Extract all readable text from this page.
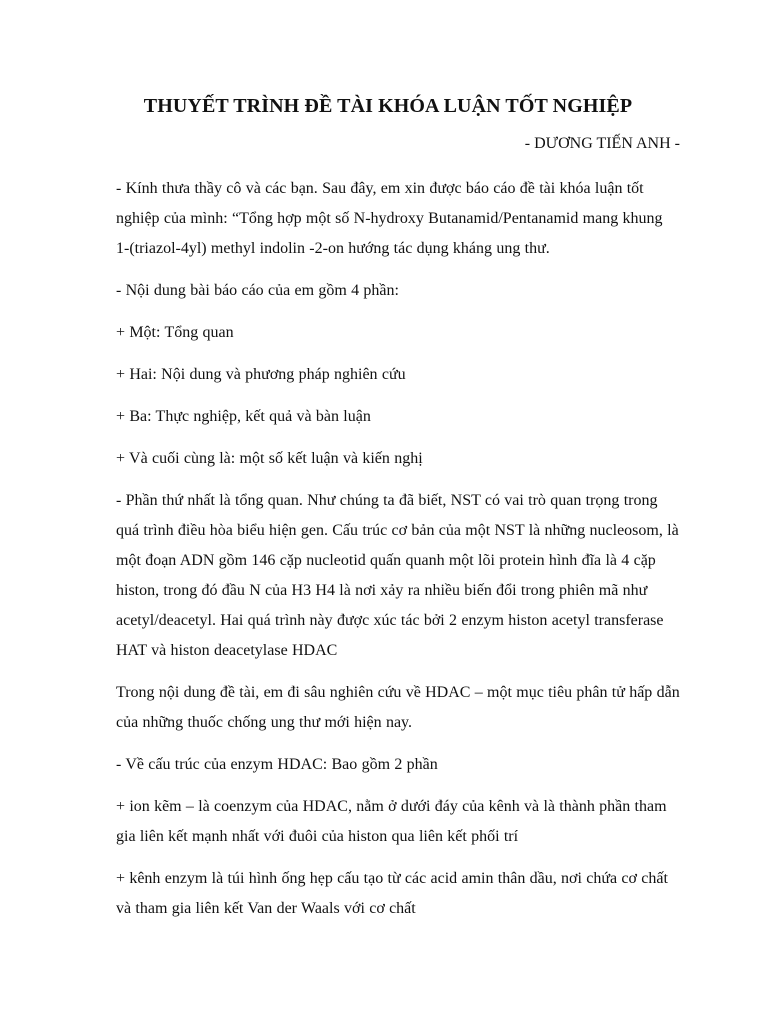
THUYẾT TRÌNH ĐỀ TÀI KHÓA LUẬN TỐT NGHIỆP

- DƯƠNG TIẾN ANH -

- Kính thưa thầy cô và các bạn. Sau đây, em xin được báo cáo đề tài khóa luận tốt nghiệp của mình: “Tổng hợp một số N-hydroxy Butanamid/Pentanamid mang khung 1-(triazol-4yl) methyl indolin -2-on hướng tác dụng kháng ung thư.

- Nội dung bài báo cáo của em gồm 4 phần:

+ Một: Tổng quan

+ Hai: Nội dung và phương pháp nghiên cứu

+ Ba: Thực nghiệp, kết quả và bàn luận

+ Và cuối cùng là: một số kết luận và kiến nghị

- Phần thứ nhất là tổng quan. Như chúng ta đã biết, NST có vai trò quan trọng trong quá trình điều hòa biểu hiện gen. Cấu trúc cơ bản của một NST là những nucleosom, là một đoạn ADN gồm 146 cặp nucleotid quấn quanh một lõi protein hình đĩa là 4 cặp histon, trong đó đầu N của H3 H4 là nơi xảy ra nhiều biến đổi trong phiên mã như acetyl/deacetyl. Hai quá trình này được xúc tác bởi 2 enzym histon acetyl transferase HAT và histon deacetylase HDAC

Trong nội dung đề tài, em đi sâu nghiên cứu về HDAC – một mục tiêu phân tử hấp dẫn của những thuốc chống ung thư mới hiện nay.

- Về cấu trúc của enzym HDAC: Bao gồm 2 phần

+ ion kẽm – là coenzym của HDAC, nằm ở dưới đáy của kênh và là thành phần tham gia liên kết mạnh nhất với đuôi của histon qua liên kết phối trí

+ kênh enzym là túi hình ống hẹp cấu tạo từ các acid amin thân dầu, nơi chứa cơ chất và tham gia liên kết Van der Waals với cơ chất
